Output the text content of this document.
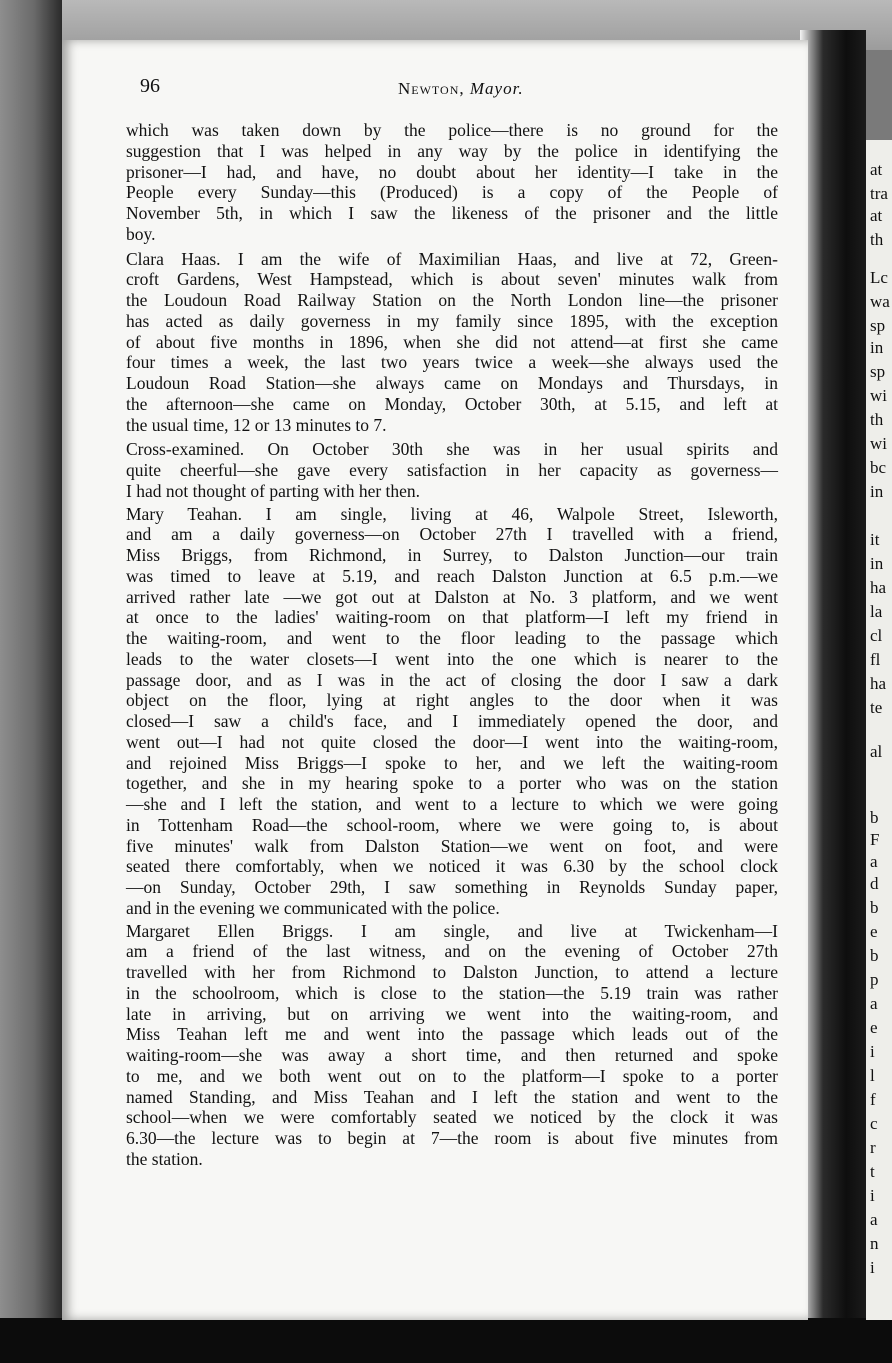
at
tra
at
th
Lc
wa
sp
in
sp
wi
th
wi
bc
in
it
in
ha
la
cl
fl
ha
te
al
b
F
a
d
b
e
b
p
a
e
i
l
f
c
r
t
i
a
n
i
96	Newton, Mayor.
which was taken down by the police—there is no ground for the
suggestion that I was helped in any way by the police in identifying the
prisoner—I had, and have, no doubt about her identity—I take in the
People every Sunday—this (Produced) is a copy of the People of
November 5th, in which I saw the likeness of the prisoner and the little
boy.
Clara Haas. I am the wife of Maximilian Haas, and live at 72, Green-
croft Gardens, West Hampstead, which is about seven' minutes walk from
the Loudoun Road Railway Station on the North London line—the prisoner
has acted as daily governess in my family since 1895, with the exception
of about five months in 1896, when she did not attend—at first she came
four times a week, the last two years twice a week—she always used the
Loudoun Road Station—she always came on Mondays and Thursdays, in
the afternoon—she came on Monday, October 30th, at 5.15, and left at
the usual time, 12 or 13 minutes to 7.
Cross-examined. On October 30th she was in her usual spirits and
quite cheerful—she gave every satisfaction in her capacity as governess—
I had not thought of parting with her then.
Mary Teahan. I am single, living at 46, Walpole Street, Isleworth,
and am a daily governess—on October 27th I travelled with a friend,
Miss Briggs, from Richmond, in Surrey, to Dalston Junction—our train
was timed to leave at 5.19, and reach Dalston Junction at 6.5 p.m.—we
arrived rather late —we got out at Dalston at No. 3 platform, and we went
at once to the ladies' waiting-room on that platform—I left my friend in
the waiting-room, and went to the floor leading to the passage which
leads to the water closets—I went into the one which is nearer to the
passage door, and as I was in the act of closing the door I saw a dark
object on the floor, lying at right angles to the door when it was
closed—I saw a child's face, and I immediately opened the door, and
went out—I had not quite closed the door—I went into the waiting-room,
and rejoined Miss Briggs—I spoke to her, and we left the waiting-room
together, and she in my hearing spoke to a porter who was on the station
—she and I left the station, and went to a lecture to which we were going
in Tottenham Road—the school-room, where we were going to, is about
five minutes' walk from Dalston Station—we went on foot, and were
seated there comfortably, when we noticed it was 6.30 by the school clock
—on Sunday, October 29th, I saw something in Reynolds Sunday paper,
and in the evening we communicated with the police.
Margaret Ellen Briggs. I am single, and live at Twickenham—I
am a friend of the last witness, and on the evening of October 27th
travelled with her from Richmond to Dalston Junction, to attend a lecture
in the schoolroom, which is close to the station—the 5.19 train was rather
late in arriving, but on arriving we went into the waiting-room, and
Miss Teahan left me and went into the passage which leads out of the
waiting-room—she was away a short time, and then returned and spoke
to me, and we both went out on to the platform—I spoke to a porter
named Standing, and Miss Teahan and I left the station and went to the
school—when we were comfortably seated we noticed by the clock it was
6.30—the lecture was to begin at 7—the room is about five minutes from
the station.
